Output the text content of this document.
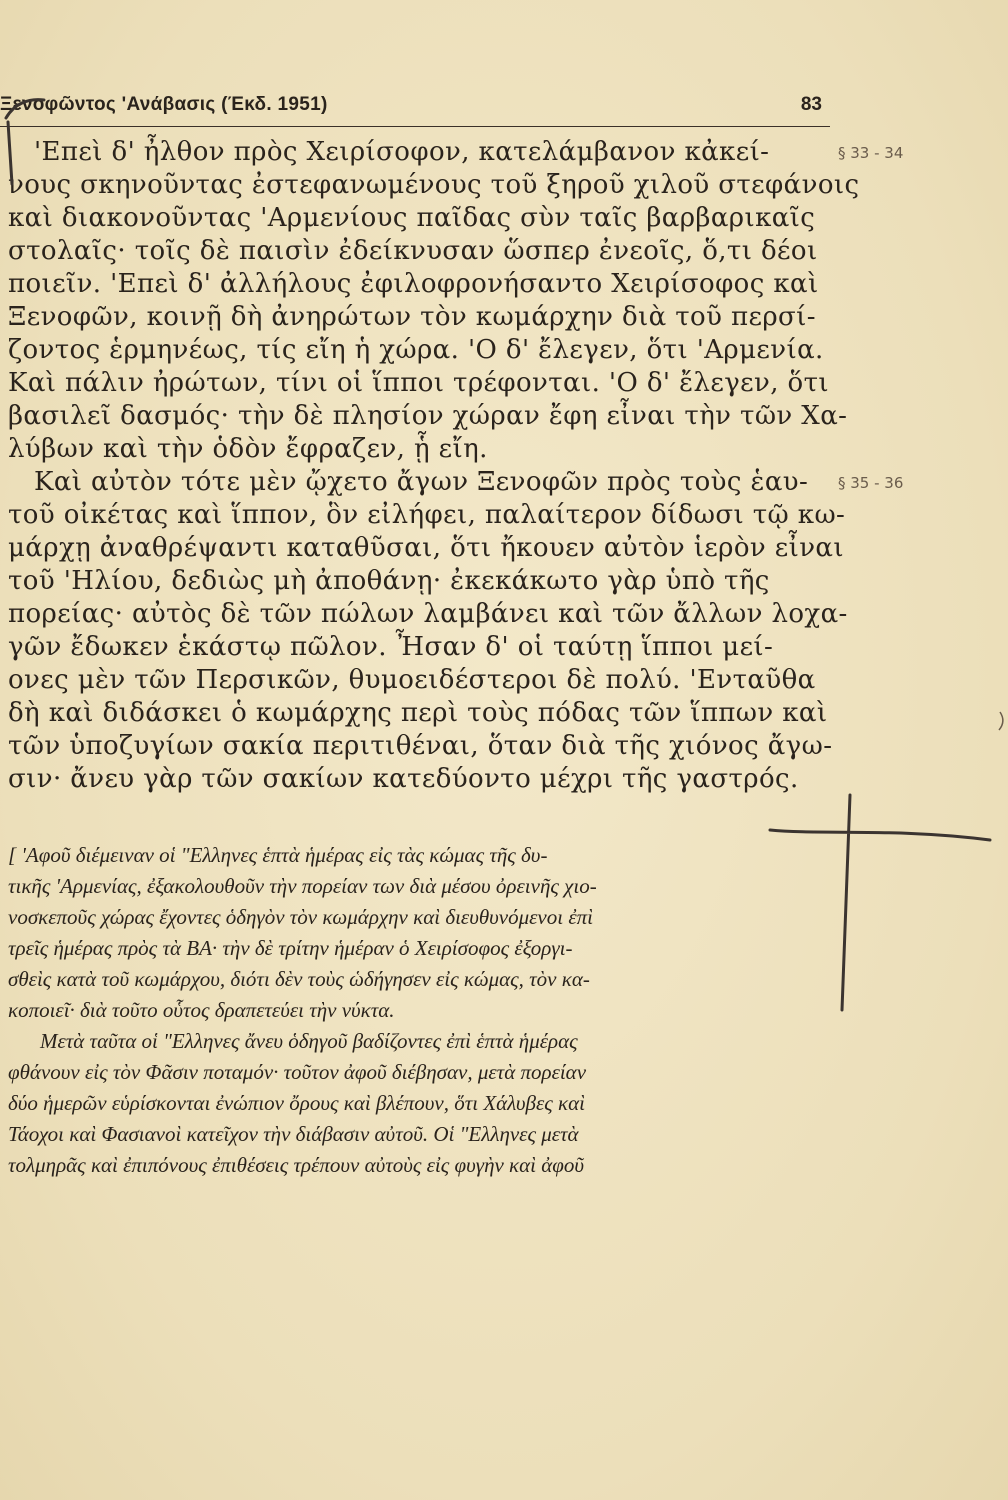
Ξενοφῶντος 'Ανάβασις (Έκδ. 1951)	83
'Επεὶ δ' ἦλθον πρὸς Χειρίσοφον, κατελάμβανον κἀκεί-
νους σκηνοῦντας ἐστεφανωμένους τοῦ ξηροῦ χιλοῦ στεφάνοις
καὶ διακονοῦντας 'Αρμενίους παῖδας σὺν ταῖς βαρβαρικαῖς
στολαῖς· τοῖς δὲ παισὶν ἐδείκνυσαν ὥσπερ ἐνεοῖς, ὅ,τι δέοι
ποιεῖν. 'Επεὶ δ' ἀλλήλους ἐφιλοφρονήσαντο Χειρίσοφος καὶ
Ξενοφῶν, κοινῇ δὴ ἀνηρώτων τὸν κωμάρχην διὰ τοῦ περσί-
ζοντος ἑρμηνέως, τίς εἴη ἡ χώρα. 'Ο δ' ἔλεγεν, ὅτι 'Αρμενία.
Καὶ πάλιν ἠρώτων, τίνι οἱ ἵπποι τρέφονται. 'Ο δ' ἔλεγεν, ὅτι
βασιλεῖ δασμός· τὴν δὲ πλησίον χώραν ἔφη εἶναι τὴν τῶν Χα-
λύβων καὶ τὴν ὁδὸν ἔφραζεν, ᾗ εἴη.
Καὶ αὐτὸν τότε μὲν ᾤχετο ἄγων Ξενοφῶν πρὸς τοὺς ἑαυ-
τοῦ οἰκέτας καὶ ἵππον, ὃν εἰλήφει, παλαίτερον δίδωσι τῷ κω-
μάρχῃ ἀναθρέψαντι καταθῦσαι, ὅτι ἤκουεν αὐτὸν ἱερὸν εἶναι
τοῦ 'Ηλίου, δεδιὼς μὴ ἀποθάνῃ· ἐκεκάκωτο γὰρ ὑπὸ τῆς
πορείας· αὐτὸς δὲ τῶν πώλων λαμβάνει καὶ τῶν ἄλλων λοχα-
γῶν ἔδωκεν ἑκάστῳ πῶλον. Ἦσαν δ' οἱ ταύτῃ ἵπποι μεί-
ονες μὲν τῶν Περσικῶν, θυμοειδέστεροι δὲ πολύ. 'Ενταῦθα
δὴ καὶ διδάσκει ὁ κωμάρχης περὶ τοὺς πόδας τῶν ἵππων καὶ
τῶν ὑποζυγίων σακία περιτιθέναι, ὅταν διὰ τῆς χιόνος ἄγω-
σιν· ἄνευ γὰρ τῶν σακίων κατεδύοντο μέχρι τῆς γαστρός.
§ 33 - 34
§ 35 - 36
[ 'Αφοῦ διέμειναν οἱ "Ελληνες ἑπτὰ ἡμέρας εἰς τὰς κώμας τῆς δυ-
τικῆς 'Αρμενίας, ἐξακολουθοῦν τὴν πορείαν των διὰ μέσου ὀρεινῆς χιο-
νοσκεποῦς χώρας ἔχοντες ὁδηγὸν τὸν κωμάρχην καὶ διευθυνόμενοι ἐπὶ
τρεῖς ἡμέρας πρὸς τὰ ΒΑ· τὴν δὲ τρίτην ἡμέραν ὁ Χειρίσοφος ἐξοργι-
σθεὶς κατὰ τοῦ κωμάρχου, διότι δὲν τοὺς ὡδήγησεν εἰς κώμας, τὸν κα-
κοποιεῖ· διὰ τοῦτο οὗτος δραπετεύει τὴν νύκτα.
Μετὰ ταῦτα οἱ "Ελληνες ἄνευ ὁδηγοῦ βαδίζοντες ἐπὶ ἑπτὰ ἡμέρας
φθάνουν εἰς τὸν Φᾶσιν ποταμόν· τοῦτον ἀφοῦ διέβησαν, μετὰ πορείαν
δύο ἡμερῶν εὑρίσκονται ἐνώπιον ὄρους καὶ βλέπουν, ὅτι Χάλυβες καὶ
Τάοχοι καὶ Φασιανοὶ κατεῖχον τὴν διάβασιν αὐτοῦ. Οἱ "Ελληνες μετὰ
τολμηρᾶς καὶ ἐπιπόνους ἐπιθέσεις τρέπουν αὐτοὺς εἰς φυγὴν καὶ ἀφοῦ
